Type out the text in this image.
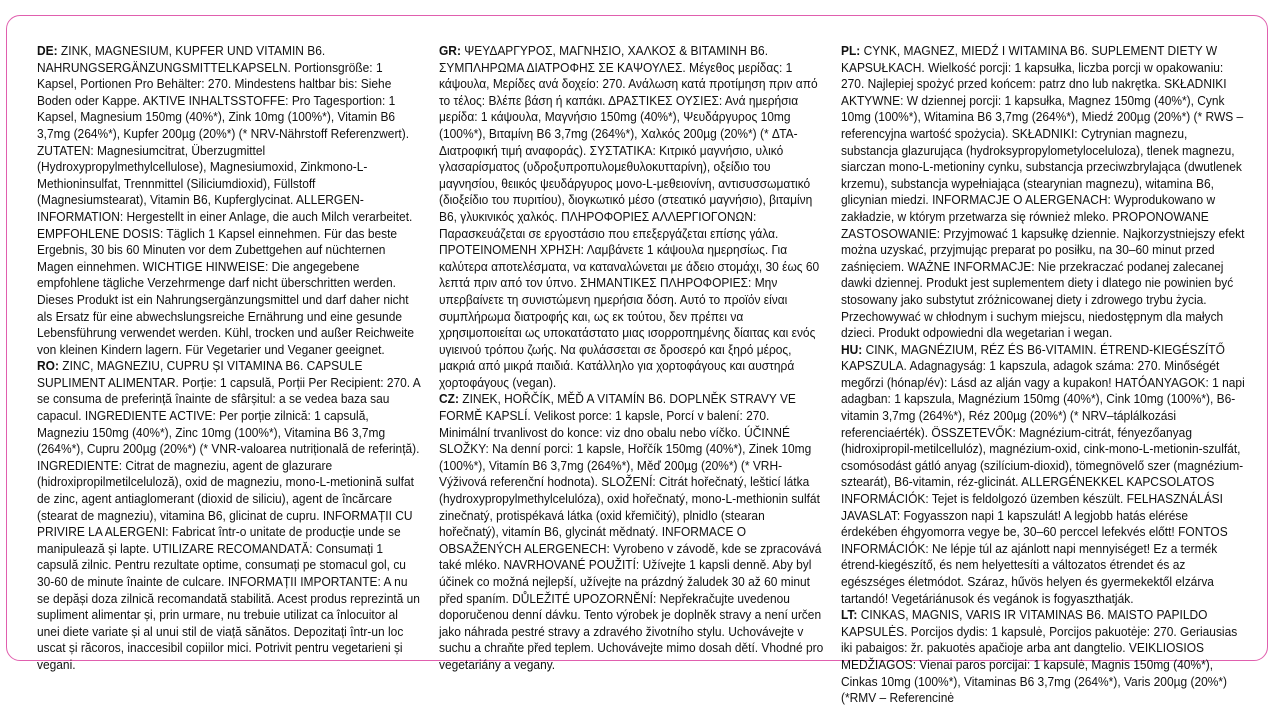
DE: ZINK, MAGNESIUM, KUPFER UND VITAMIN B6. NAHRUNGSERGÄNZUNGSMITTELKAPSELN. Portionsgröße: 1 Kapsel, Portionen Pro Behälter: 270. Mindestens haltbar bis: Siehe Boden oder Kappe. AKTIVE INHALTSSTOFFE: Pro Tagesportion: 1 Kapsel, Magnesium 150mg (40%*), Zink 10mg (100%*), Vitamin B6 3,7mg (264%*), Kupfer 200µg (20%*) (* NRV-Nährstoff Referenzwert). ZUTATEN: Magnesiumcitrat, Überzugmittel (Hydroxypropylmethylcellulose), Magnesiumoxid, Zinkmono-L-Methioninsulfat, Trennmittel (Siliciumdioxid), Füllstoff (Magnesiumstearat), Vitamin B6, Kupferglycinat. ALLERGEN-INFORMATION: Hergestellt in einer Anlage, die auch Milch verarbeitet. EMPFOHLENE DOSIS: Täglich 1 Kapsel einnehmen. Für das beste Ergebnis, 30 bis 60 Minuten vor dem Zubettgehen auf nüchternen Magen einnehmen. WICHTIGE HINWEISE: Die angegebene empfohlene tägliche Verzehrmenge darf nicht überschritten werden. Dieses Produkt ist ein Nahrungsergänzungsmittel und darf daher nicht als Ersatz für eine abwechslungsreiche Ernährung und eine gesunde Lebensführung verwendet werden. Kühl, trocken und außer Reichweite von kleinen Kindern lagern. Für Vegetarier und Veganer geeignet.

RO: ZINC, MAGNEZIU, CUPRU ȘI VITAMINA B6. CAPSULE SUPLIMENT ALIMENTAR. Porție: 1 capsulă, Porții Per Recipient: 270. A se consuma de preferință înainte de sfârșitul: a se vedea baza sau capacul. INGREDIENTE ACTIVE: Per porție zilnică: 1 capsulă, Magneziu 150mg (40%*), Zinc 10mg (100%*), Vitamina B6 3,7mg (264%*), Cupru 200µg (20%*) (* VNR-valoarea nutrițională de referință). INGREDIENTE: Citrat de magneziu, agent de glazurare (hidroxipropilmetilceluloză), oxid de magneziu, mono-L-metionină sulfat de zinc, agent antiaglomerant (dioxid de siliciu), agent de încărcare (stearat de magneziu), vitamina B6, glicinat de cupru. INFORMAȚII CU PRIVIRE LA ALERGENI: Fabricat într-o unitate de producție unde se manipulează și lapte. UTILIZARE RECOMANDATĂ: Consumați 1 capsulă zilnic. Pentru rezultate optime, consumați pe stomacul gol, cu 30-60 de minute înainte de culcare. INFORMAȚII IMPORTANTE: A nu se depăși doza zilnică recomandată stabilită. Acest produs reprezintă un supliment alimentar și, prin urmare, nu trebuie utilizat ca înlocuitor al unei diete variate și al unui stil de viață sănătos. Depozitați într-un loc uscat și răcoros, inaccesibil copiilor mici. Potrivit pentru vegetarieni și vegani.

GR: ΨΕΥΔΑΡΓΥΡΟΣ, ΜΑΓΝΗΣΙΟ, ΧΑΛΚΟΣ & ΒΙΤΑΜΙΝΗ B6. ΣΥΜΠΛΗΡΩΜΑ ΔΙΑΤΡΟΦΗΣ ΣΕ ΚΑΨΟΥΛΕΣ. Μέγεθος μερίδας: 1 κάψουλα, Μερίδες ανά δοχείο: 270. Ανάλωση κατά προτίμηση πριν από το τέλος: Βλέπε βάση ή καπάκι. ΔΡΑΣΤΙΚΕΣ ΟΥΣΙΕΣ: Ανά ημερήσια μερίδα: 1 κάψουλα, Μαγνήσιο 150mg (40%*), Ψευδάργυρος 10mg (100%*), Βιταμίνη B6 3,7mg (264%*), Χαλκός 200µg (20%*) (* ΔΤΑ-Διατροφική τιμή αναφοράς). ΣΥΣΤΑΤΙΚΑ: Κιτρικό μαγνήσιο, υλικό γλασαρίσματος (υδροξυπροπυλομεθυλοκυτταρίνη), οξείδιο του μαγνησίου, θειικός ψευδάργυρος μονο-L-μεθειονίνη, αντισυσσωματικό (διοξείδιο του πυριτίου), διογκωτικό μέσο (στεατικό μαγνήσιο), βιταμίνη B6, γλυκινικός χαλκός. ΠΛΗΡΟΦΟΡΙΕΣ ΑΛΛΕΡΓΙΟΓΟΝΩΝ: Παρασκευάζεται σε εργοστάσιο που επεξεργάζεται επίσης γάλα. ΠΡΟΤΕΙΝΟΜΕΝΗ ΧΡΗΣΗ: Λαμβάνετε 1 κάψουλα ημερησίως. Για καλύτερα αποτελέσματα, να καταναλώνεται με άδειο στομάχι, 30 έως 60 λεπτά πριν από τον ύπνο. ΣΗΜΑΝΤΙΚΕΣ ΠΛΗΡΟΦΟΡΙΕΣ: Μην υπερβαίνετε τη συνιστώμενη ημερήσια δόση. Αυτό το προϊόν είναι συμπλήρωμα διατροφής και, ως εκ τούτου, δεν πρέπει να χρησιμοποιείται ως υποκατάστατο μιας ισορροπημένης δίαιτας και ενός υγιεινού τρόπου ζωής. Να φυλάσσεται σε δροσερό και ξηρό μέρος, μακριά από μικρά παιδιά. Κατάλληλο για χορτοφάγους και αυστηρά χορτοφάγους (vegan).

CZ: ZINEK, HOŘČÍK, MĚĎ A VITAMÍN B6. DOPLNĚK STRAVY VE FORMĚ KAPSLÍ. Velikost porce: 1 kapsle, Porcí v balení: 270. Minimální trvanlivost do konce: viz dno obalu nebo víčko. ÚČINNÉ SLOŽKY: Na denní porci: 1 kapsle, Hořčík 150mg (40%*), Zinek 10mg (100%*), Vitamín B6 3,7mg (264%*), Měď 200µg (20%*) (* VRH-Výživová referenční hodnota). SLOŽENÍ: Citrát hořečnatý, lešticí látka (hydroxypropylmethylcelulóza), oxid hořečnatý, mono-L-methionin sulfát zinečnatý, protispékavá látka (oxid křemičitý), plnidlo (stearan hořečnatý), vitamín B6, glycinát mědnatý. INFORMACE O OBSAŽENÝCH ALERGENECH: Vyrobeno v závodě, kde se zpracovává také mléko. NAVRHOVANÉ POUŽITÍ: Užívejte 1 kapsli denně. Aby byl účinek co možná nejlepší, užívejte na prázdný žaludek 30 až 60 minut před spaním. DŮLEŽITÉ UPOZORNĚNÍ: Nepřekračujte uvedenou doporučenou denní dávku. Tento výrobek je doplněk stravy a není určen jako náhrada pestré stravy a zdravého životního stylu. Uchovávejte v suchu a chraňte před teplem. Uchovávejte mimo dosah dětí. Vhodné pro vegetariány a vegany.

PL: CYNK, MAGNEZ, MIEDŹ I WITAMINA B6. SUPLEMENT DIETY W KAPSUŁKACH. Wielkość porcji: 1 kapsułka, liczba porcji w opakowaniu: 270. Najlepiej spożyć przed końcem: patrz dno lub nakrętka. SKŁADNIKI AKTYWNE: W dziennej porcji: 1 kapsułka, Magnez 150mg (40%*), Cynk 10mg (100%*), Witamina B6 3,7mg (264%*), Miedź 200µg (20%*) (* RWS – referencyjna wartość spożycia). SKŁADNIKI: Cytrynian magnezu, substancja glazurująca (hydroksypropylometyloceluloza), tlenek magnezu, siarczan mono-L-metioniny cynku, substancja przeciwzbrylająca (dwutlenek krzemu), substancja wypełniająca (stearynian magnezu), witamina B6, glicynian miedzi. INFORMACJE O ALERGENACH: Wyprodukowano w zakładzie, w którym przetwarza się również mleko. PROPONOWANE ZASTOSOWANIE: Przyjmować 1 kapsułkę dziennie. Najkorzystniejszy efekt można uzyskać, przyjmując preparat po posiłku, na 30–60 minut przed zaśnięciem. WAŻNE INFORMACJE: Nie przekraczać podanej zalecanej dawki dziennej. Produkt jest suplementem diety i dlatego nie powinien być stosowany jako substytut zróżnicowanej diety i zdrowego trybu życia. Przechowywać w chłodnym i suchym miejscu, niedostępnym dla małych dzieci. Produkt odpowiedni dla wegetarian i wegan.

HU: CINK, MAGNÉZIUM, RÉZ ÉS B6-VITAMIN. ÉTREND-KIEGÉSZÍTŐ KAPSZULA. Adagnagyság: 1 kapszula, adagok száma: 270. Minőségét megőrzi (hónap/év): Lásd az alján vagy a kupakon! HATÓANYAGOK: 1 napi adagban: 1 kapszula, Magnézium 150mg (40%*), Cink 10mg (100%*), B6-vitamin 3,7mg (264%*), Réz 200µg (20%*) (* NRV–táplálkozási referenciaérték). ÖSSZETEVŐK: Magnézium-citrát, fényezőanyag (hidroxipropil-metilcellulóz), magnézium-oxid, cink-mono-L-metionin-szulfát, csomósodást gátló anyag (szilícium-dioxid), tömegnövelő szer (magnézium-sztearát), B6-vitamin, réz-glicinát. ALLERGÉNEKKEL KAPCSOLATOS INFORMÁCIÓK: Tejet is feldolgozó üzemben készült. FELHASZNÁLÁSI JAVASLAT: Fogyasszon napi 1 kapszulát! A legjobb hatás elérése érdekében éhgyomorra vegye be, 30–60 perccel lefekvés előtt! FONTOS INFORMÁCIÓK: Ne lépje túl az ajánlott napi mennyiséget! Ez a termék étrend-kiegészítő, és nem helyettesíti a változatos étrendet és az egészséges életmódot. Száraz, hűvös helyen és gyermekektől elzárva tartandó! Vegetáriánusok és vegánok is fogyaszthatják.

LT: CINKAS, MAGNIS, VARIS IR VITAMINAS B6. MAISTO PAPILDO KAPSULĖS. Porcijos dydis: 1 kapsulė, Porcijos pakuotėje: 270. Geriausias iki pabaigos: žr. pakuotės apačioje arba ant dangtelio. VEIKLIOSIOS MEDŽIAGOS: Vienai paros porcijai: 1 kapsulė, Magnis 150mg (40%*), Cinkas 10mg (100%*), Vitaminas B6 3,7mg (264%*), Varis 200µg (20%*) (*RMV – Referencinė
